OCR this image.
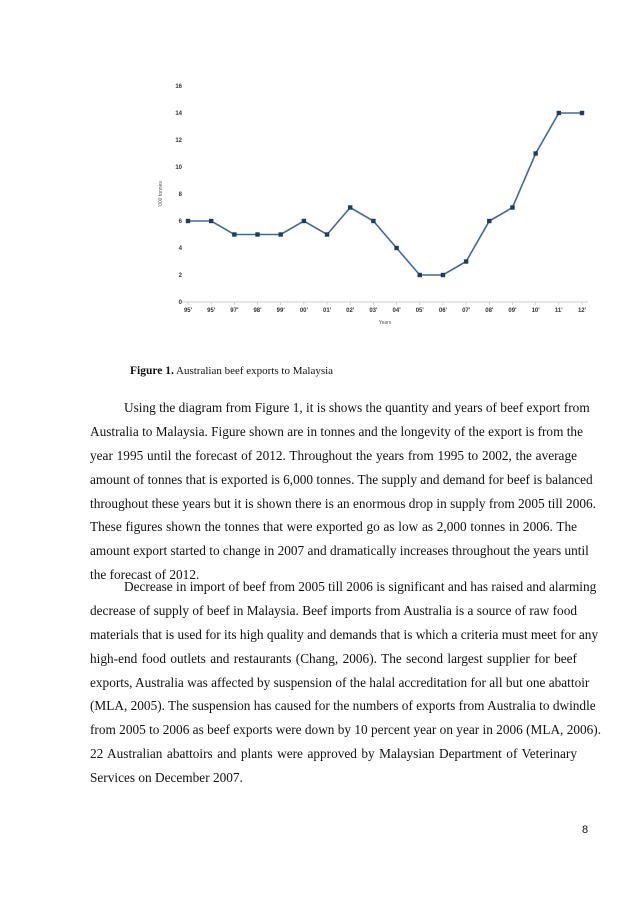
0
2
4
6
8
10
12
14
16
95'	95'	97'	98'	99'	00'	01'	02'	03'	04'	05'	06'	07'	08'	09'	10'	11'	12'
'000 tonnes
Years
Figure 1. Australian beef exports to Malaysia
Using the diagram from Figure 1, it is shows the quantity and years of beef export from
Australia to Malaysia. Figure shown are in tonnes and the longevity of the export is from the
year 1995 until the forecast of 2012. Throughout the years from 1995 to 2002, the average
amount of tonnes that is exported is 6,000 tonnes. The supply and demand for beef is balanced
throughout these years but it is shown there is an enormous drop in supply from 2005 till 2006.
These figures shown the tonnes that were exported go as low as 2,000 tonnes in 2006. The
amount export started to change in 2007 and dramatically increases throughout the years until
the forecast of 2012.
Decrease in import of beef from 2005 till 2006 is significant and has raised and alarming
decrease of supply of beef in Malaysia. Beef imports from Australia is a source of raw food
materials that is used for its high quality and demands that is which a criteria must meet for any
high-end food outlets and restaurants (Chang, 2006). The second largest supplier for beef
exports, Australia was affected by suspension of the halal accreditation for all but one abattoir
(MLA, 2005). The suspension has caused for the numbers of exports from Australia to dwindle
from 2005 to 2006 as beef exports were down by 10 percent year on year in 2006 (MLA, 2006).
22 Australian abattoirs and plants were approved by Malaysian Department of Veterinary
Services on December 2007.
8
